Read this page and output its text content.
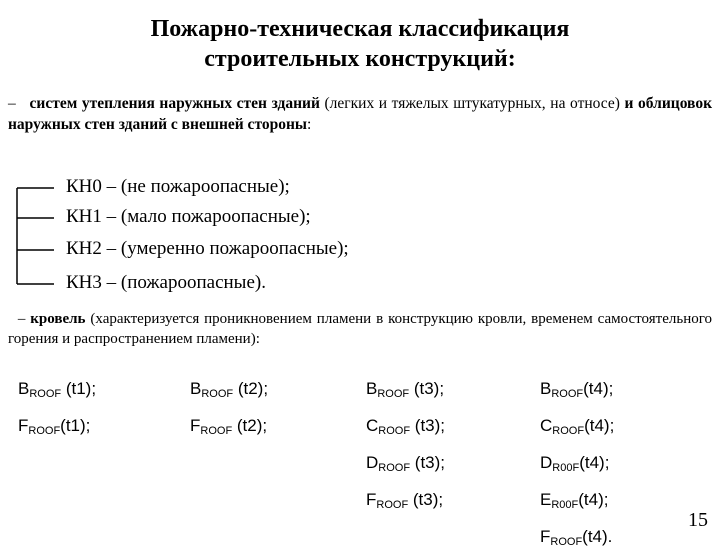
Пожарно-техническая классификация
строительных конструкций:
– систем утепления наружных стен зданий (легких и тяжелых штукатурных, на относе) и облицовок наружных стен зданий с внешней стороны:
КН0 – (не пожароопасные);
КН1 – (мало пожароопасные);
КН2 – (умеренно пожароопасные);
КН3 – (пожароопасные).
– кровель (характеризуется проникновением пламени в конструкцию кровли, временем самостоятельного горения и распространением пламени):
$B_{ROOF}$ (t1);
$F_{ROOF}(t1)$;
$B_{ROOF}$ (t2);
$F_{ROOF}$ (t2);
$B_{ROOF}$ (t3);
$C_{ROOF}$ (t3);
$D_{ROOF}$ (t3);
$F_{ROOF}$ (t3);
$B_{ROOF}(t4)$;
$C_{ROOF}(t4)$;
$D_{R00F}(t4)$;
$E_{R00F}(t4)$;
$F_{ROOF}(t4)$.
15
